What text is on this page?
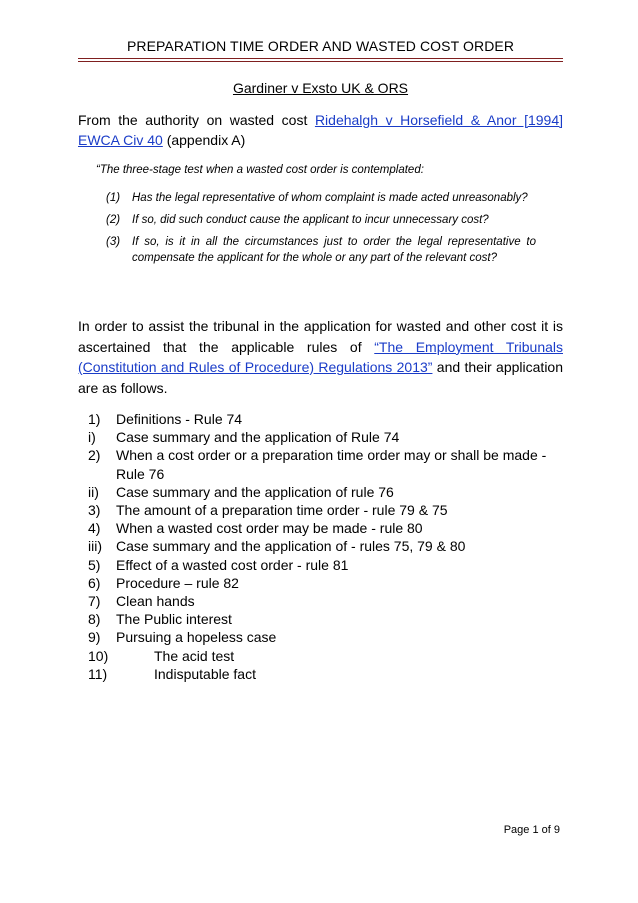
PREPARATION TIME ORDER AND WASTED COST ORDER
Gardiner v Exsto UK & ORS
From the authority on wasted cost Ridehalgh v Horsefield & Anor [1994] EWCA Civ 40 (appendix A)

“The three-stage test when a wasted cost order is contemplated:

(1)	Has the legal representative of whom complaint is made acted unreasonably?
(2)	If so, did such conduct cause the applicant to incur unnecessary cost?
(3)	If so, is it in all the circumstances just to order the legal representative to compensate the applicant for the whole or any part of the relevant cost?
In order to assist the tribunal in the application for wasted and other cost it is ascertained that the applicable rules of “The Employment Tribunals (Constitution and Rules of Procedure) Regulations 2013” and their application are as follows.
1)	Definitions - Rule 74
i)	Case summary and the application of Rule 74
2)	When a cost order or a preparation time order may or shall be made - Rule 76
ii)	Case summary and the application of rule 76
3)	The amount of a preparation time order - rule 79 & 75
4)	When a wasted cost order may be made - rule 80
iii)	Case summary and the application of - rules 75, 79 & 80
5)	Effect of a wasted cost order - rule 81
6)	Procedure – rule 82
7)	Clean hands
8)	The Public interest
9)	Pursuing a hopeless case
10)	The acid test
11)	Indisputable fact
Page 1 of 9
